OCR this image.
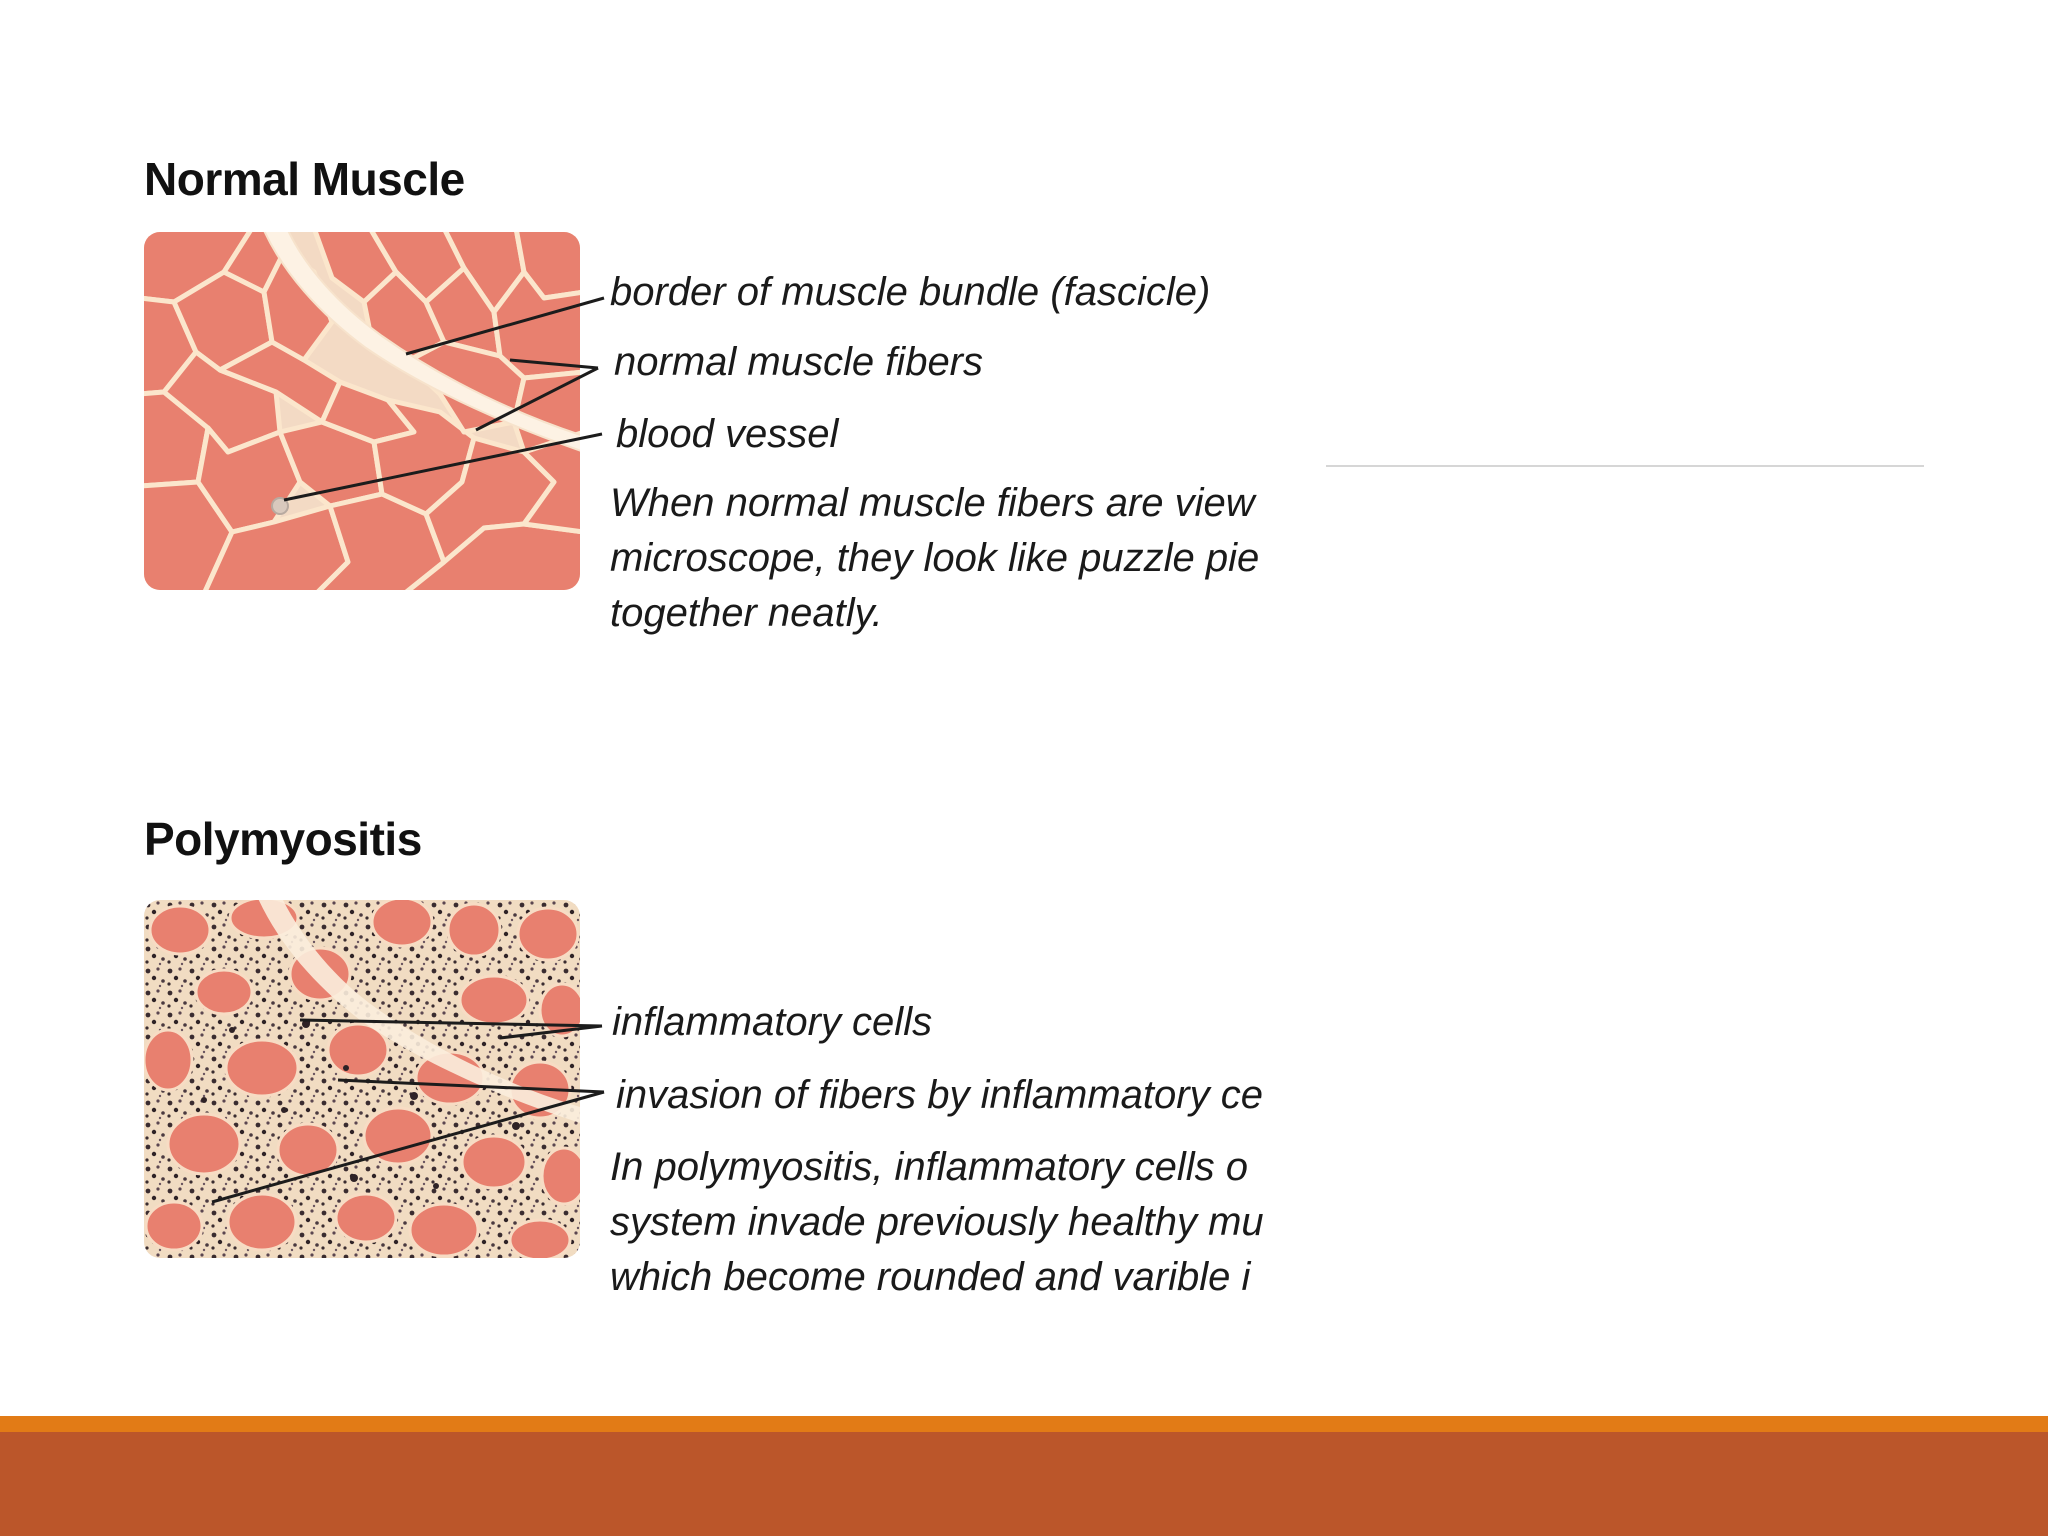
Normal Muscle
border of muscle bundle (fascicle)
normal muscle fibers
blood vessel
When normal muscle fibers are view
microscope, they look like puzzle pie
together neatly.
Polymyositis
inflammatory cells
invasion of fibers by inflammatory ce
In polymyositis, inflammatory cells o
system invade previously healthy mu
which become rounded and varible i
